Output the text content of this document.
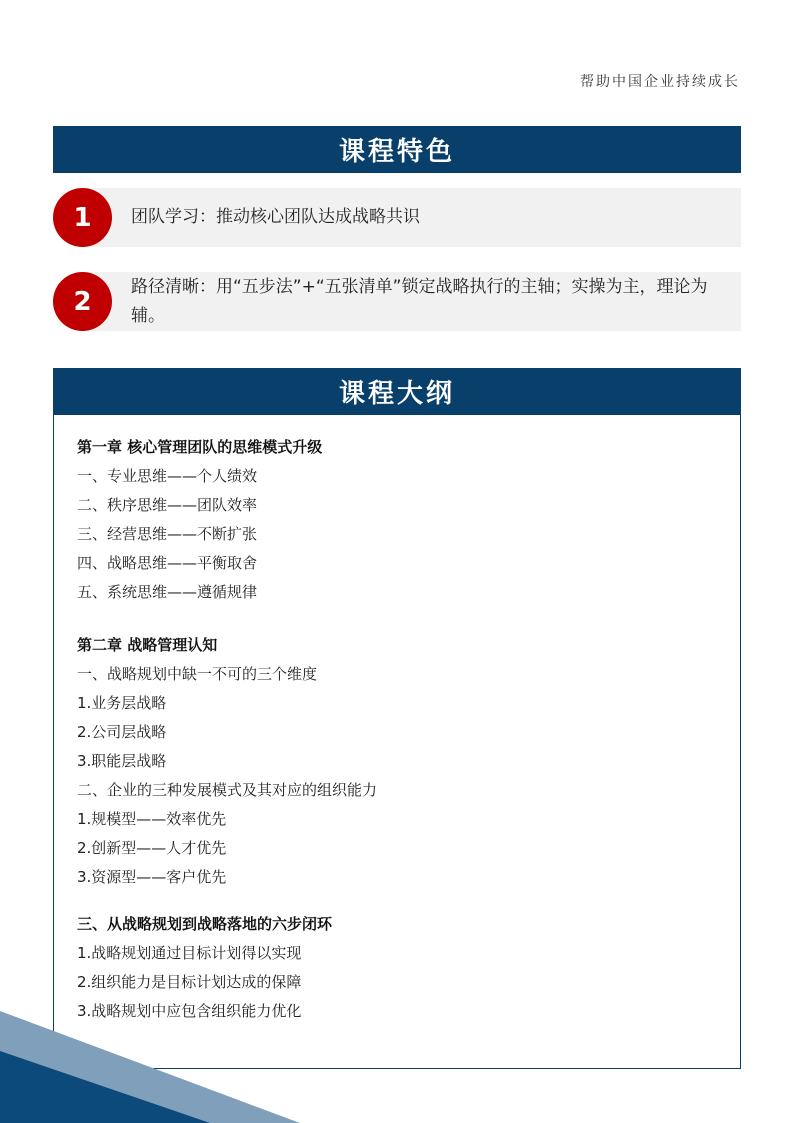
帮助中国企业持续成长
课程特色
1	团队学习：推动核心团队达成战略共识
2	路径清晰：用“五步法”+“五张清单”锁定战略执行的主轴；实操为主，理论为辅。
课程大纲
第一章 核心管理团队的思维模式升级
一、专业思维——个人绩效
二、秩序思维——团队效率
三、经营思维——不断扩张
四、战略思维——平衡取舍
五、系统思维——遵循规律
第二章 战略管理认知
一、战略规划中缺一不可的三个维度
1.业务层战略
2.公司层战略
3.职能层战略
二、企业的三种发展模式及其对应的组织能力
1.规模型——效率优先
2.创新型——人才优先
3.资源型——客户优先
三、从战略规划到战略落地的六步闭环
1.战略规划通过目标计划得以实现
2.组织能力是目标计划达成的保障
3.战略规划中应包含组织能力优化
